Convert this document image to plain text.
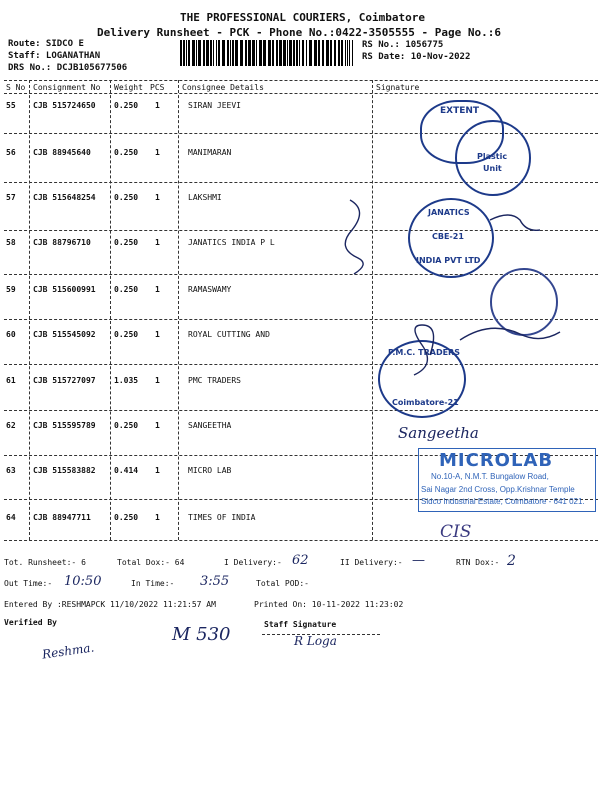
THE PROFESSIONAL COURIERS, Coimbatore
Delivery Runsheet - PCK - Phone No.:0422-3505555 - Page No.:6
Route: SIDCO E
Staff: LOGANATHAN
DRS No.: DCJB105677506
RS No.: 1056775
RS Date: 10-Nov-2022
S No Consignment No Weight PCS Consignee Details	Signature
55 CJB 515724650 0.250 1	SIRAN JEEVI
56 CJB 88945640	0.250 1	MANIMARAN
57 CJB 515648254 0.250 1	LAKSHMI
58 CJB 88796710	0.250 1	JANATICS INDIA P L
59 CJB 515600991 0.250 1	RAMASWAMY
60 CJB 515545092 0.250 1	ROYAL CUTTING AND
61 CJB 515727097 1.035 1	PMC TRADERS
62 CJB 515595789 0.250 1	SANGEETHA
63 CJB 515583882 0.414 1	MICRO LAB
64 CJB 88947711	0.250 1	TIMES OF INDIA
EXTENT
Plastic
Unit
JANATICS
CBE-21
INDIA PVT LTD
P.M.C. TRADERS
Coimbatore-21
Sangeetha
MICROLAB
No.10-A, N.M.T. Bungalow Road,
Sai Nagar 2nd Cross, Opp.Krishnar Temple
Sidco Industrial Estate, Coimbatore - 641 021.
CIS
Tot. Runsheet:- 6	Total Dox:- 64	I Delivery:- 62	II Delivery:- —	RTN Dox:- 2
Out Time:- 10:50	In Time:- 3:55	Total POD:-
Entered By :RESHMAPCK 11/10/2022 11:21:57 AM	Printed On: 10-11-2022 11:23:02
Verified By	Staff Signature
Reshma.
M 530	R Loga
